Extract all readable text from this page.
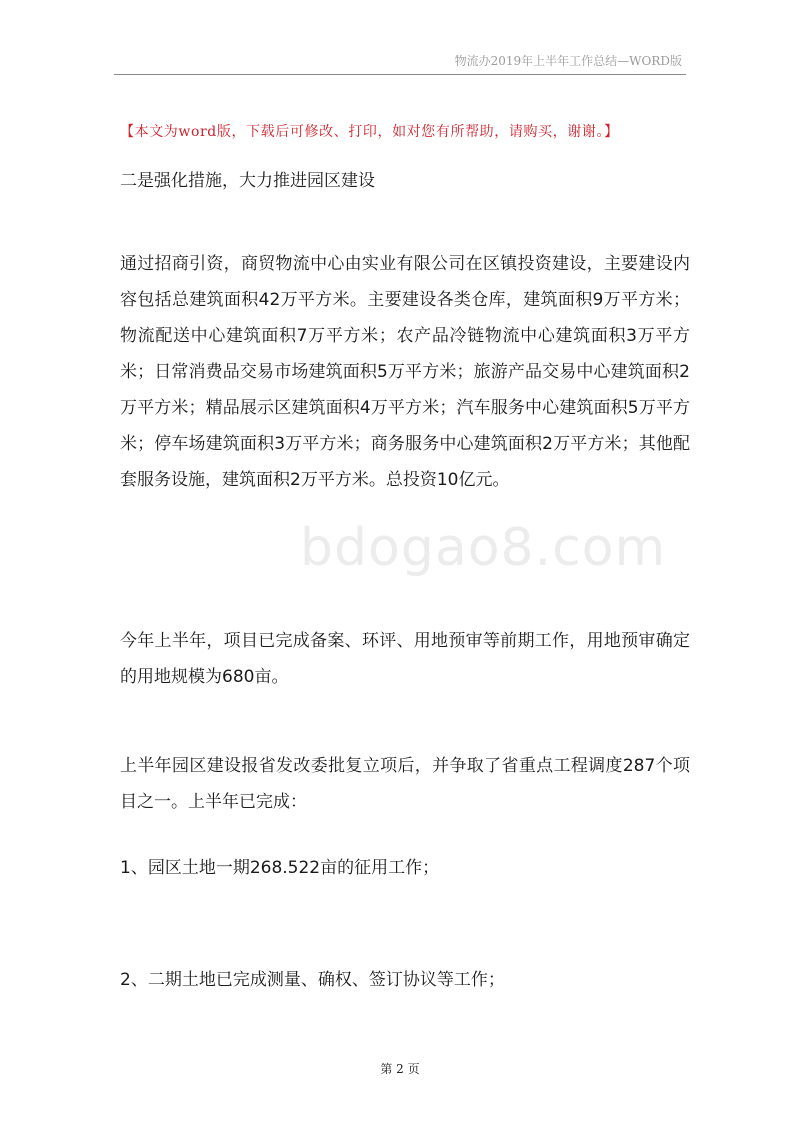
物流办2019年上半年工作总结—WORD版
【本文为word版，下载后可修改、打印，如对您有所帮助，请购买，谢谢。】
二是强化措施，大力推进园区建设
通过招商引资，商贸物流中心由实业有限公司在区镇投资建设，主要建设内容包括总建筑面积42万平方米。主要建设各类仓库，建筑面积9万平方米；物流配送中心建筑面积7万平方米；农产品冷链物流中心建筑面积3万平方米；日常消费品交易市场建筑面积5万平方米；旅游产品交易中心建筑面积2万平方米；精品展示区建筑面积4万平方米；汽车服务中心建筑面积5万平方米；停车场建筑面积3万平方米；商务服务中心建筑面积2万平方米；其他配套服务设施，建筑面积2万平方米。总投资10亿元。
今年上半年，项目已完成备案、环评、用地预审等前期工作，用地预审确定的用地规模为680亩。
上半年园区建设报省发改委批复立项后，并争取了省重点工程调度287个项目之一。上半年已完成：
1、园区土地一期268.522亩的征用工作；
2、二期土地已完成测量、确权、签订协议等工作；
bdogao8.com
第 2 页
